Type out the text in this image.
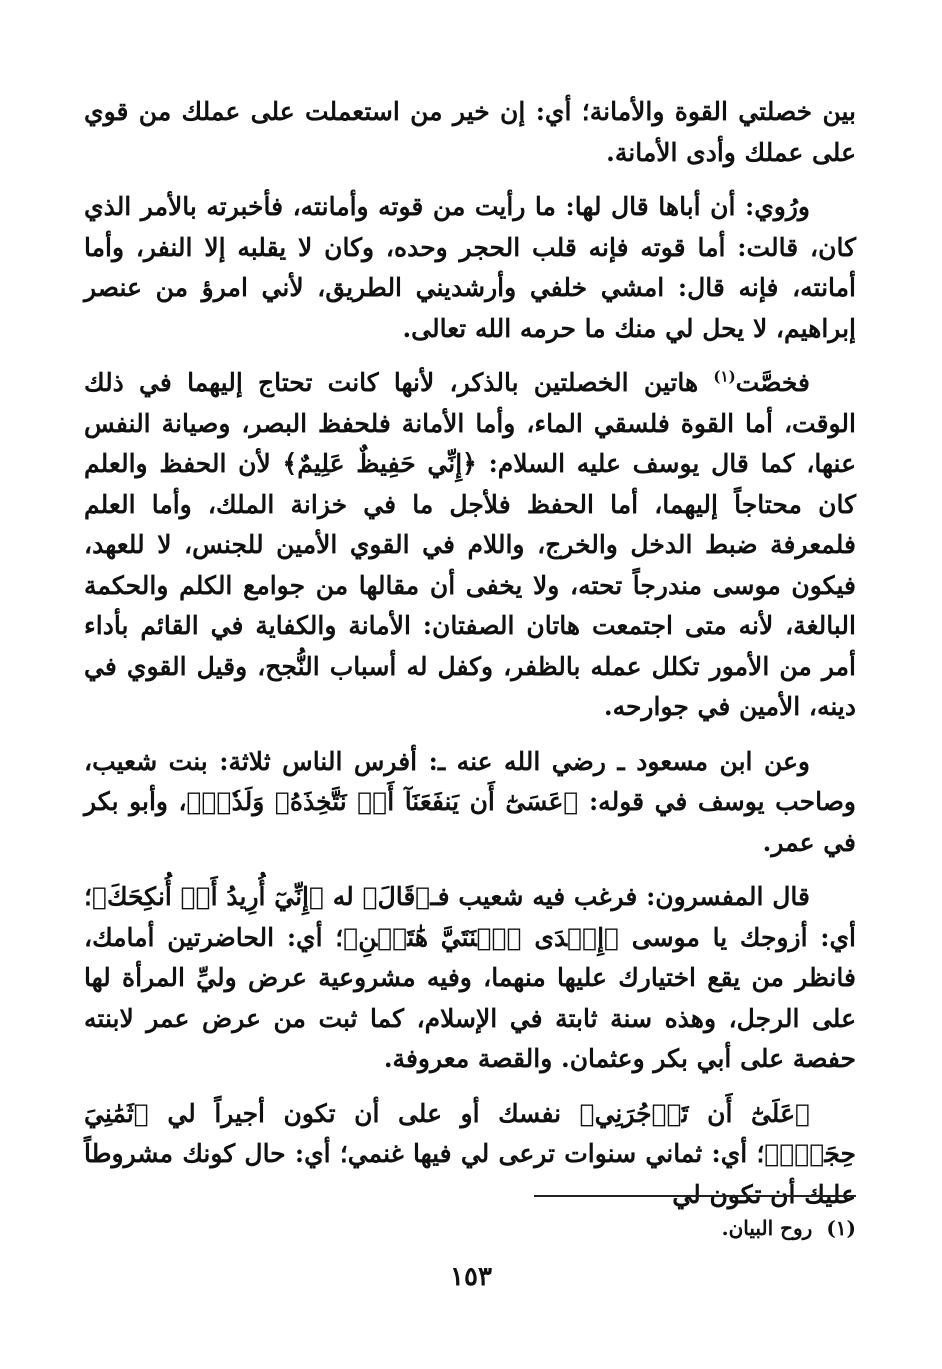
بين خصلتي القوة والأمانة؛ أي: إن خير من استعملت على عملك من قوي على عملك وأدى الأمانة.

ورُوي: أن أباها قال لها: ما رأيت من قوته وأمانته، فأخبرته بالأمر الذي كان، قالت: أما قوته فإنه قلب الحجر وحده، وكان لا يقلبه إلا النفر، وأما أمانته، فإنه قال: امشي خلفي وأرشديني الطريق، لأني امرؤ من عنصر إبراهيم، لا يحل لي منك ما حرمه الله تعالى.

فخصَّت$^{(١)}$ هاتين الخصلتين بالذكر، لأنها كانت تحتاج إليهما في ذلك الوقت، أما القوة فلسقي الماء، وأما الأمانة فلحفظ البصر، وصيانة النفس عنها، كما قال يوسف عليه السلام: ﴿إِنِّي حَفِيظٌ عَلِيمٌ﴾ لأن الحفظ والعلم كان محتاجاً إليهما، أما الحفظ فلأجل ما في خزانة الملك، وأما العلم فلمعرفة ضبط الدخل والخرج، واللام في القوي الأمين للجنس، لا للعهد، فيكون موسى مندرجاً تحته، ولا يخفى أن مقالها من جوامع الكلم والحكمة البالغة، لأنه متى اجتمعت هاتان الصفتان: الأمانة والكفاية في القائم بأداء أمر من الأمور تكلل عمله بالظفر، وكفل له أسباب النُّجح، وقيل القوي في دينه، الأمين في جوارحه.

وعن ابن مسعود ـ رضي الله عنه ـ: أفرس الناس ثلاثة: بنت شعيب، وصاحب يوسف في قوله: ﴿عَسَىٰٓ أَن يَنفَعَنَآ أَوۡ نَتَّخِذَهُۥ وَلَدٗاۚ﴾، وأبو بكر في عمر.

قال المفسرون: فرغب فيه شعيب فـ﴿قَالَ﴾ له ﴿إِنِّيٓ أُرِيدُ أَنۡ أُنكِحَكَ﴾؛ أي: أزوجك يا موسى ﴿إِحۡدَى ٱبۡنَتَيَّ هَٰتَيۡنِ﴾؛ أي: الحاضرتين أمامك، فانظر من يقع اختيارك عليها منهما، وفيه مشروعية عرض وليِّ المرأة لها على الرجل، وهذه سنة ثابتة في الإسلام، كما ثبت من عرض عمر لابنته حفصة على أبي بكر وعثمان. والقصة معروفة.

﴿عَلَىٰٓ أَن تَأۡجُرَنِي﴾ نفسك أو على أن تكون أجيراً لي ﴿ثَمَٰنِيَ حِجَجٖۖ﴾؛ أي: ثماني سنوات ترعى لي فيها غنمي؛ أي: حال كونك مشروطاً عليك أن تكون لي

(١)روح البيان.
١٥٣
